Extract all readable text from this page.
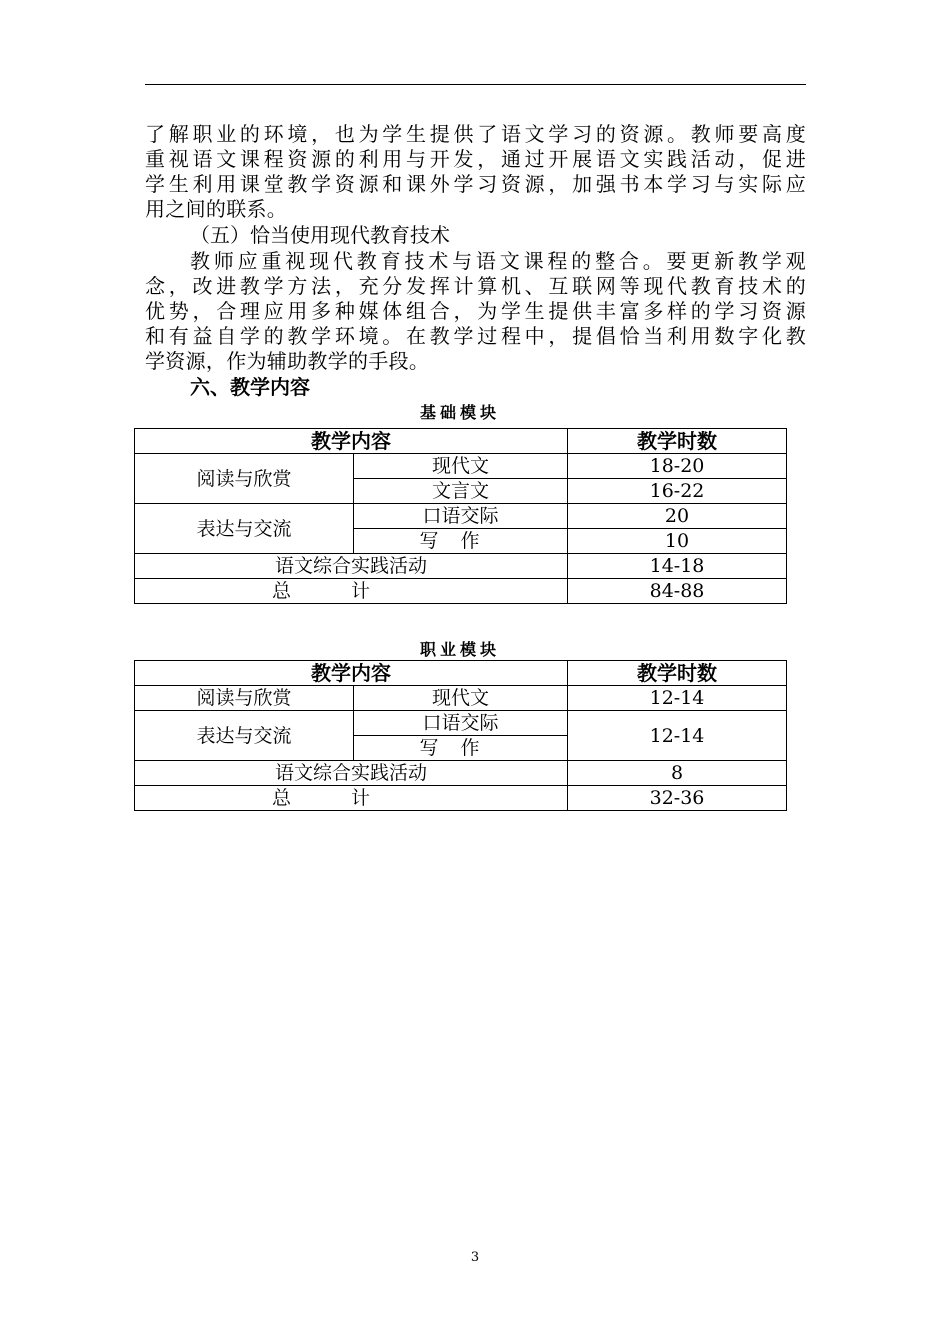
了解职业的环境，也为学生提供了语文学习的资源。教师要高度
重视语文课程资源的利用与开发，通过开展语文实践活动，促进
学生利用课堂教学资源和课外学习资源，加强书本学习与实际应
用之间的联系。
（五）恰当使用现代教育技术
教师应重视现代教育技术与语文课程的整合。要更新教学观
念，改进教学方法，充分发挥计算机、互联网等现代教育技术的
优势，合理应用多种媒体组合，为学生提供丰富多样的学习资源
和有益自学的教学环境。在教学过程中，提倡恰当利用数字化教
学资源，作为辅助教学的手段。
六、教学内容
基础模块
教学内容		教学时数
阅读与欣赏	现代文	18-20
	文言文	16-22
表达与交流	口语交际	20
	写作	10
语文综合实践活动		14-18
总计		84-88
职业模块
教学内容		教学时数
阅读与欣赏	现代文	12-14
表达与交流	口语交际	12-14
	写作	
语文综合实践活动		8
总计		32-36
3
